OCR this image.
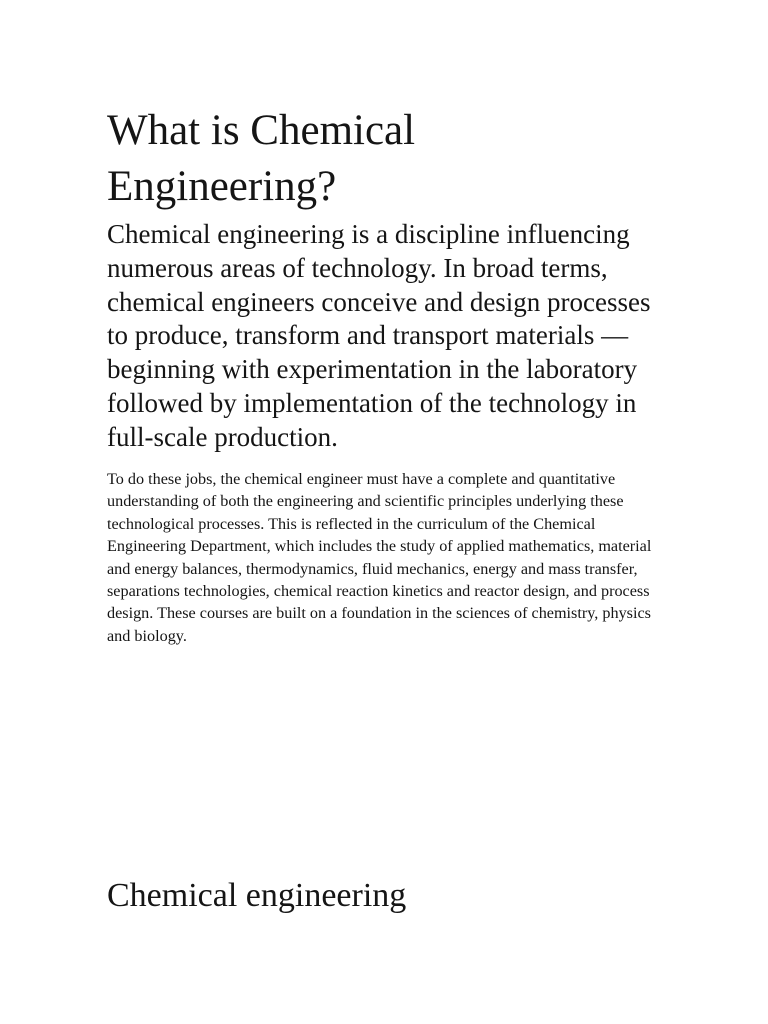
What is Chemical Engineering?

Chemical engineering is a discipline influencing numerous areas of technology. In broad terms, chemical engineers conceive and design processes to produce, transform and transport materials — beginning with experimentation in the laboratory followed by implementation of the technology in full-scale production.

To do these jobs, the chemical engineer must have a complete and quantitative understanding of both the engineering and scientific principles underlying these technological processes. This is reflected in the curriculum of the Chemical Engineering Department, which includes the study of applied mathematics, material and energy balances, thermodynamics, fluid mechanics, energy and mass transfer, separations technologies, chemical reaction kinetics and reactor design, and process design. These courses are built on a foundation in the sciences of chemistry, physics and biology.

Chemical engineering
